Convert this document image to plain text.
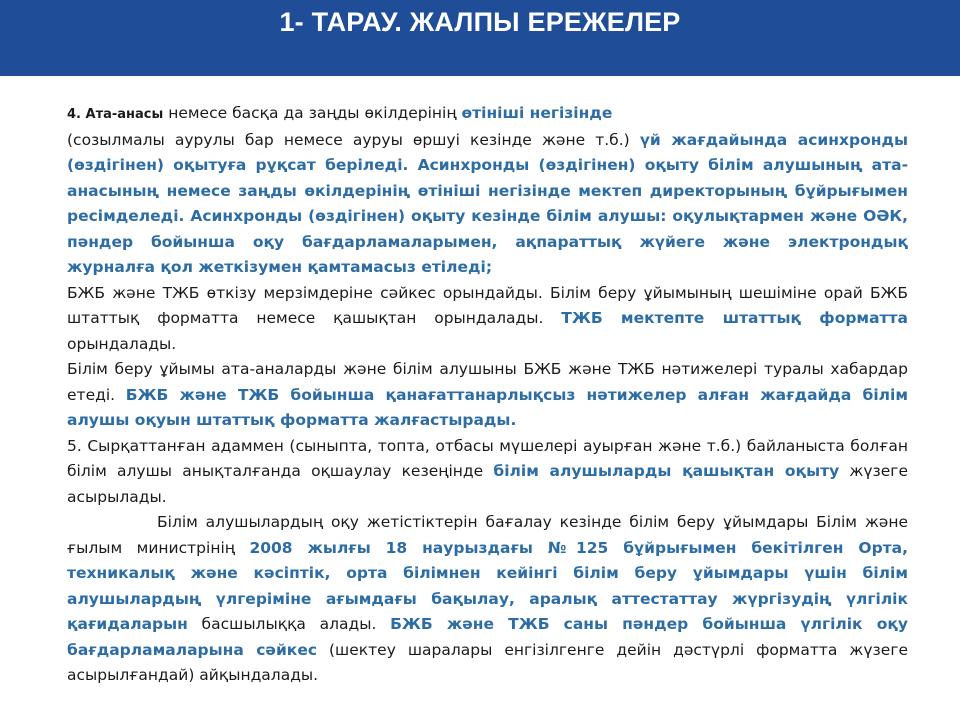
1- ТАРАУ. ЖАЛПЫ ЕРЕЖЕЛЕР

4. Ата-анасы немесе басқа да заңды өкілдерінің өтініші негізінде
(созылмалы аурулы бар немесе ауруы өршуі кезінде және т.б.) үй жағдайында асинхронды (өздігінен) оқытуға рұқсат беріледі. Асинхронды (өздігінен) оқыту білім алушының ата-анасының немесе заңды өкілдерінің өтініші негізінде мектеп директорының бұйрығымен ресімделеді. Асинхронды (өздігінен) оқыту кезінде білім алушы: оқулықтармен және ОӘК, пәндер бойынша оқу бағдарламаларымен, ақпараттық жүйеге және электрондық журналға қол жеткізумен қамтамасыз етіледі;

БЖБ және ТЖБ өткізу мерзімдеріне сәйкес орындайды. Білім беру ұйымының шешіміне орай БЖБ штаттық форматта немесе қашықтан орындалады. ТЖБ мектепте штаттық форматта орындалады.

Білім беру ұйымы ата-аналарды және білім алушыны БЖБ және ТЖБ нәтижелері туралы хабардар етеді. БЖБ және ТЖБ бойынша қанағаттанарлықсыз нәтижелер алған жағдайда білім алушы оқуын штаттық форматта жалғастырады.

5. Сырқаттанған адаммен (сыныпта, топта, отбасы мүшелері ауырған және т.б.) байланыста болған білім алушы анықталғанда оқшаулау кезеңінде білім алушыларды қашықтан оқыту жүзеге асырылады.

Білім алушылардың оқу жетістіктерін бағалау кезінде білім беру ұйымдары Білім және ғылым министрінің 2008 жылғы 18 наурыздағы №125 бұйрығымен бекітілген Орта, техникалық және кәсіптік, орта білімнен кейінгі білім беру ұйымдары үшін білім алушылардың үлгеріміне ағымдағы бақылау, аралық аттестаттау жүргізудің үлгілік қағидаларын басшылыққа алады. БЖБ және ТЖБ саны пәндер бойынша үлгілік оқу бағдарламаларына сәйкес (шектеу шаралары енгізілгенге дейін дәстүрлі форматта жүзеге асырылғандай) айқындалады.
